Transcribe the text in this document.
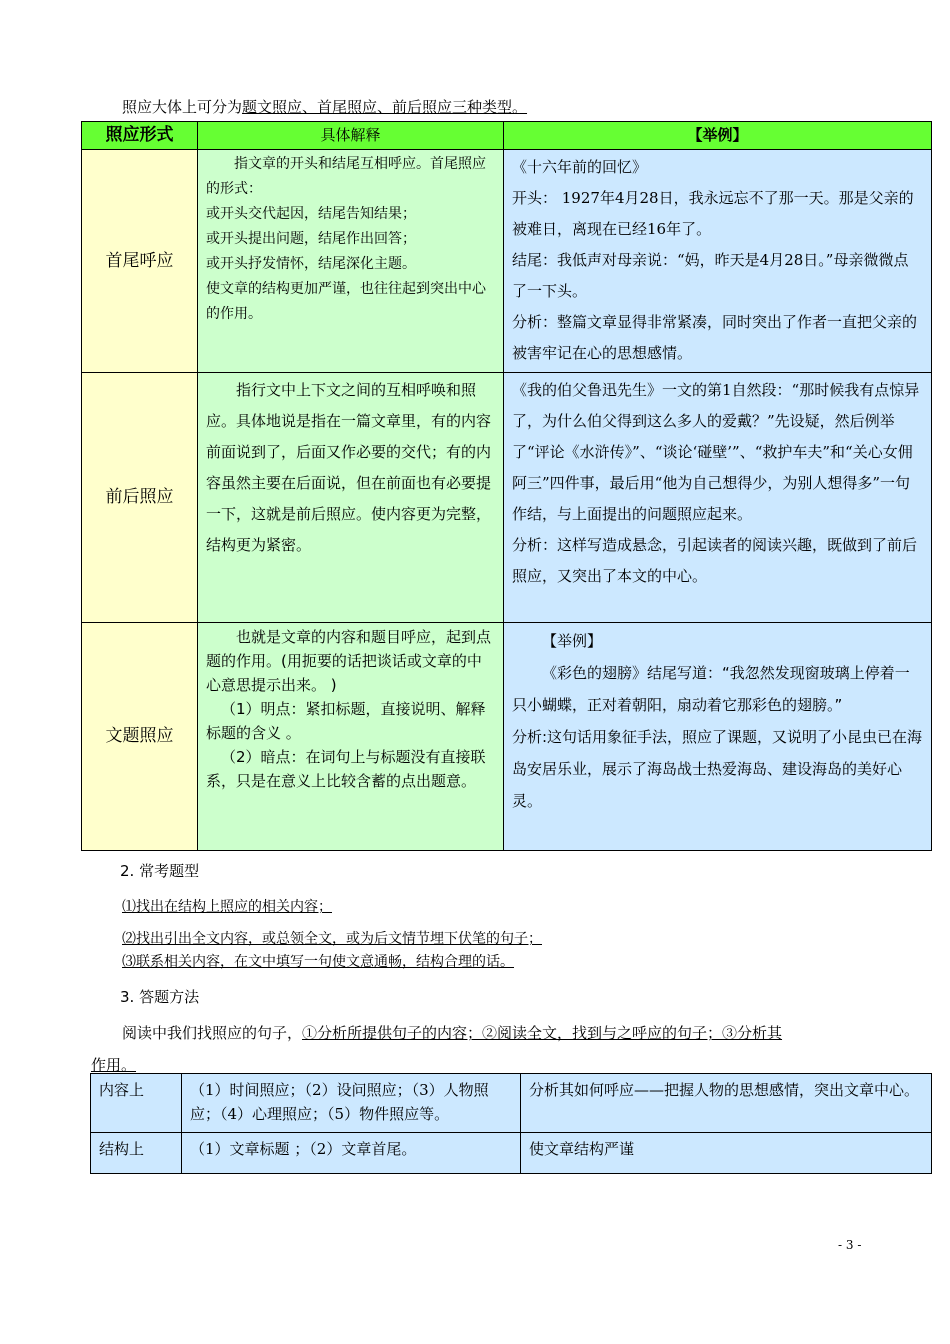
照应大体上可分为题文照应、首尾照应、前后照应三种类型。
照应形式	具体解释	【举例】
首尾呼应	指文章的开头和结尾互相呼应。首尾照应的形式：
或开头交代起因，结尾告知结果；
或开头提出问题，结尾作出回答；
或开头抒发情怀，结尾深化主题。
使文章的结构更加严谨，也往往起到突出中心的作用。	《十六年前的回忆》
开头： 1927年4月28日，我永远忘不了那一天。那是父亲的被难日，离现在已经16年了。
结尾：我低声对母亲说：“妈，昨天是4月28日。”母亲微微点了一下头。
分析：整篇文章显得非常紧凑，同时突出了作者一直把父亲的被害牢记在心的思想感情。

前后照应	指行文中上下文之间的互相呼唤和照应。具体地说是指在一篇文章里，有的内容前面说到了，后面又作必要的交代；有的内容虽然主要在后面说，但在前面也有必要提一下，这就是前后照应。使内容更为完整，结构更为紧密。	《我的伯父鲁迅先生》一文的第1自然段：“那时候我有点惊异了，为什么伯父得到这么多人的爱戴？”先设疑，然后例举了“评论《水浒传》”、“谈论‘碰壁’”、“救护车夫”和“关心女佣阿三”四件事，最后用“他为自己想得少，为别人想得多”一句作结，与上面提出的问题照应起来。
分析：这样写造成悬念，引起读者的阅读兴趣，既做到了前后照应，又突出了本文的中心。

文题照应	也就是文章的内容和题目呼应，起到点题的作用。(用扼要的话把谈话或文章的中心意思提示出来。 )
（1）明点：紧扣标题，直接说明、解释标题的含义 。
（2）暗点：在词句上与标题没有直接联系，只是在意义上比较含蓄的点出题意。	【举例】
《彩色的翅膀》结尾写道：“我忽然发现窗玻璃上停着一只小蝴蝶，正对着朝阳，扇动着它那彩色的翅膀。”
分析:这句话用象征手法，照应了课题，又说明了小昆虫已在海岛安居乐业，展示了海岛战士热爱海岛、建设海岛的美好心灵。
2. 常考题型
⑴找出在结构上照应的相关内容；
⑵找出引出全文内容，或总领全文，或为后文情节埋下伏笔的句子；
⑶联系相关内容，在文中填写一句使文意通畅，结构合理的话。
3. 答题方法
阅读中我们找照应的句子，①分析所提供句子的内容；②阅读全文，找到与之呼应的句子；③分析其
作用。
内容上	（1）时间照应；（2）设问照应；（3）人物照应；（4）心理照应；（5）物件照应等。	分析其如何呼应——把握人物的思想感情，突出文章中心。
结构上	（1）文章标题 ；（2）文章首尾。	使文章结构严谨
- 3 -
